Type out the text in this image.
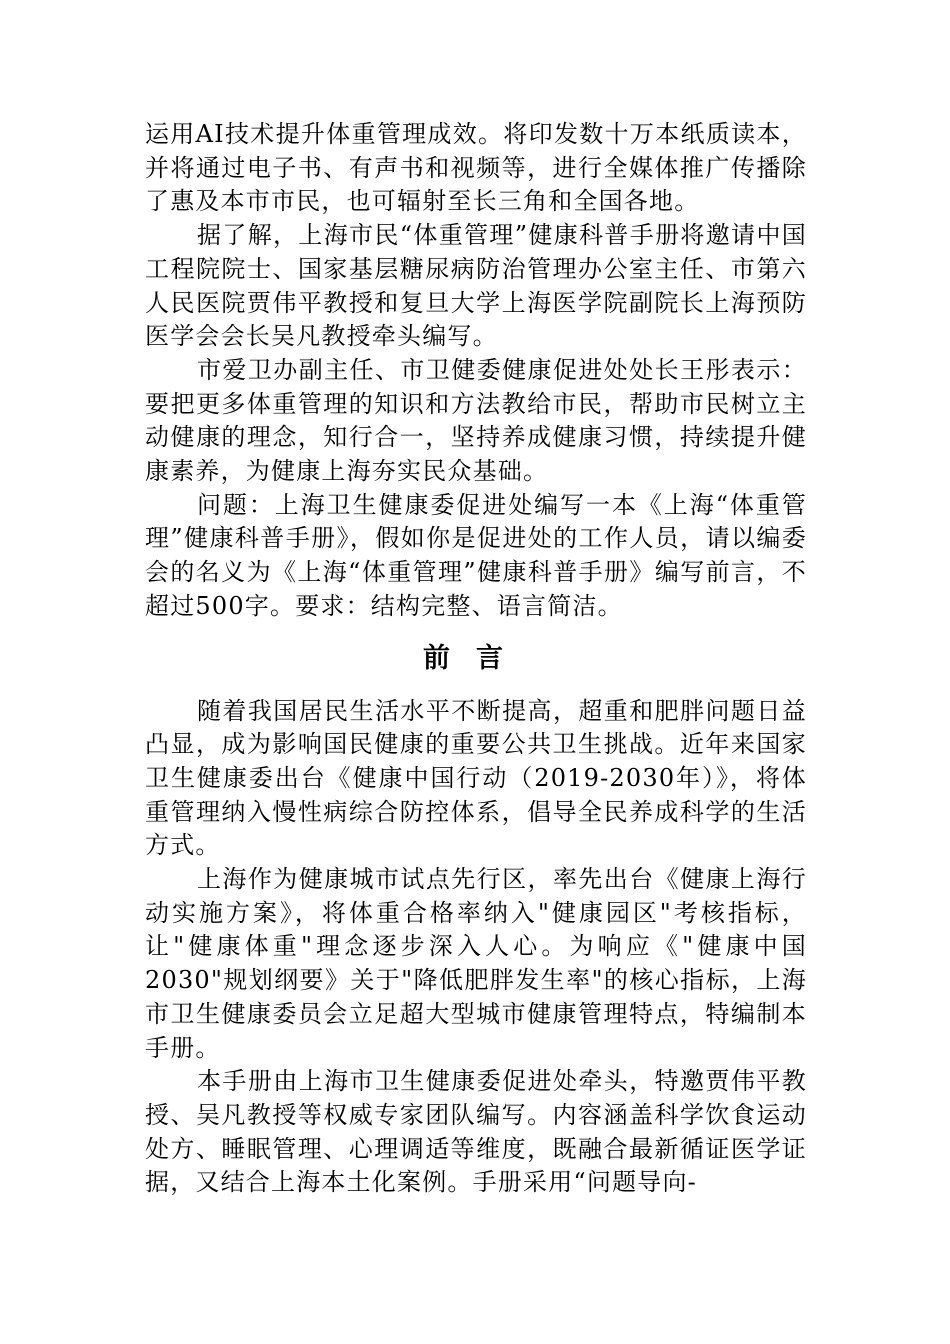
运用AI技术提升体重管理成效。将印发数十万本纸质读本，并将通过电子书、有声书和视频等，进行全媒体推广传播除了惠及本市市民，也可辐射至长三角和全国各地。

据了解，上海市民“体重管理”健康科普手册将邀请中国工程院院士、国家基层糖尿病防治管理办公室主任、市第六人民医院贾伟平教授和复旦大学上海医学院副院长上海预防医学会会长吴凡教授牵头编写。

市爱卫办副主任、市卫健委健康促进处处长王彤表示：要把更多体重管理的知识和方法教给市民，帮助市民树立主动健康的理念，知行合一，坚持养成健康习惯，持续提升健康素养，为健康上海夯实民众基础。

问题：上海卫生健康委促进处编写一本《上海“体重管理”健康科普手册》，假如你是促进处的工作人员，请以编委会的名义为《上海“体重管理”健康科普手册》编写前言，不超过500字。要求：结构完整、语言简洁。

前言

随着我国居民生活水平不断提高，超重和肥胖问题日益凸显，成为影响国民健康的重要公共卫生挑战。近年来国家卫生健康委出台《健康中国行动（2019-2030年）》，将体重管理纳入慢性病综合防控体系，倡导全民养成科学的生活方式。

上海作为健康城市试点先行区，率先出台《健康上海行动实施方案》，将体重合格率纳入"健康园区"考核指标，让"健康体重"理念逐步深入人心。为响应《"健康中国2030"规划纲要》关于"降低肥胖发生率"的核心指标，上海市卫生健康委员会立足超大型城市健康管理特点，特编制本手册。

本手册由上海市卫生健康委促进处牵头，特邀贾伟平教授、吴凡教授等权威专家团队编写。内容涵盖科学饮食运动处方、睡眠管理、心理调适等维度，既融合最新循证医学证据，又结合上海本土化案例。手册采用“问题导向-
